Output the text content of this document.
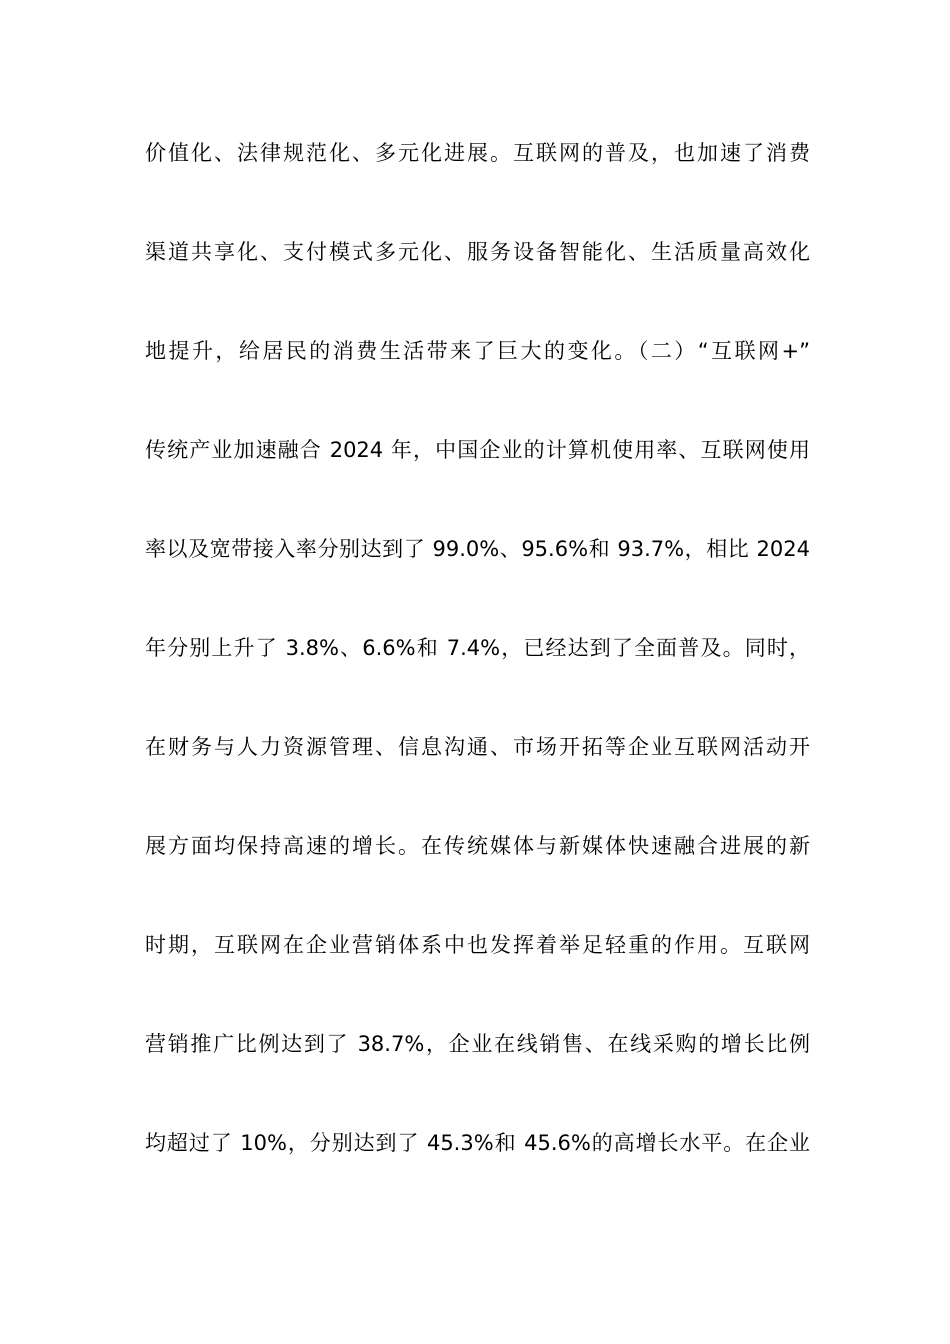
价值化、法律规范化、多元化进展。互联网的普及，也加速了消费
渠道共享化、支付模式多元化、服务设备智能化、生活质量高效化
地提升，给居民的消费生活带来了巨大的变化。（二）“互联网+”
传统产业加速融合 2024 年，中国企业的计算机使用率、互联网使用
率以及宽带接入率分别达到了 99.0%、95.6%和 93.7%，相比 2024
年分别上升了 3.8%、6.6%和 7.4%，已经达到了全面普及。同时，
在财务与人力资源管理、信息沟通、市场开拓等企业互联网活动开
展方面均保持高速的增长。在传统媒体与新媒体快速融合进展的新
时期，互联网在企业营销体系中也发挥着举足轻重的作用。互联网
营销推广比例达到了 38.7%，企业在线销售、在线采购的增长比例
均超过了 10%，分别达到了 45.3%和 45.6%的高增长水平。在企业
